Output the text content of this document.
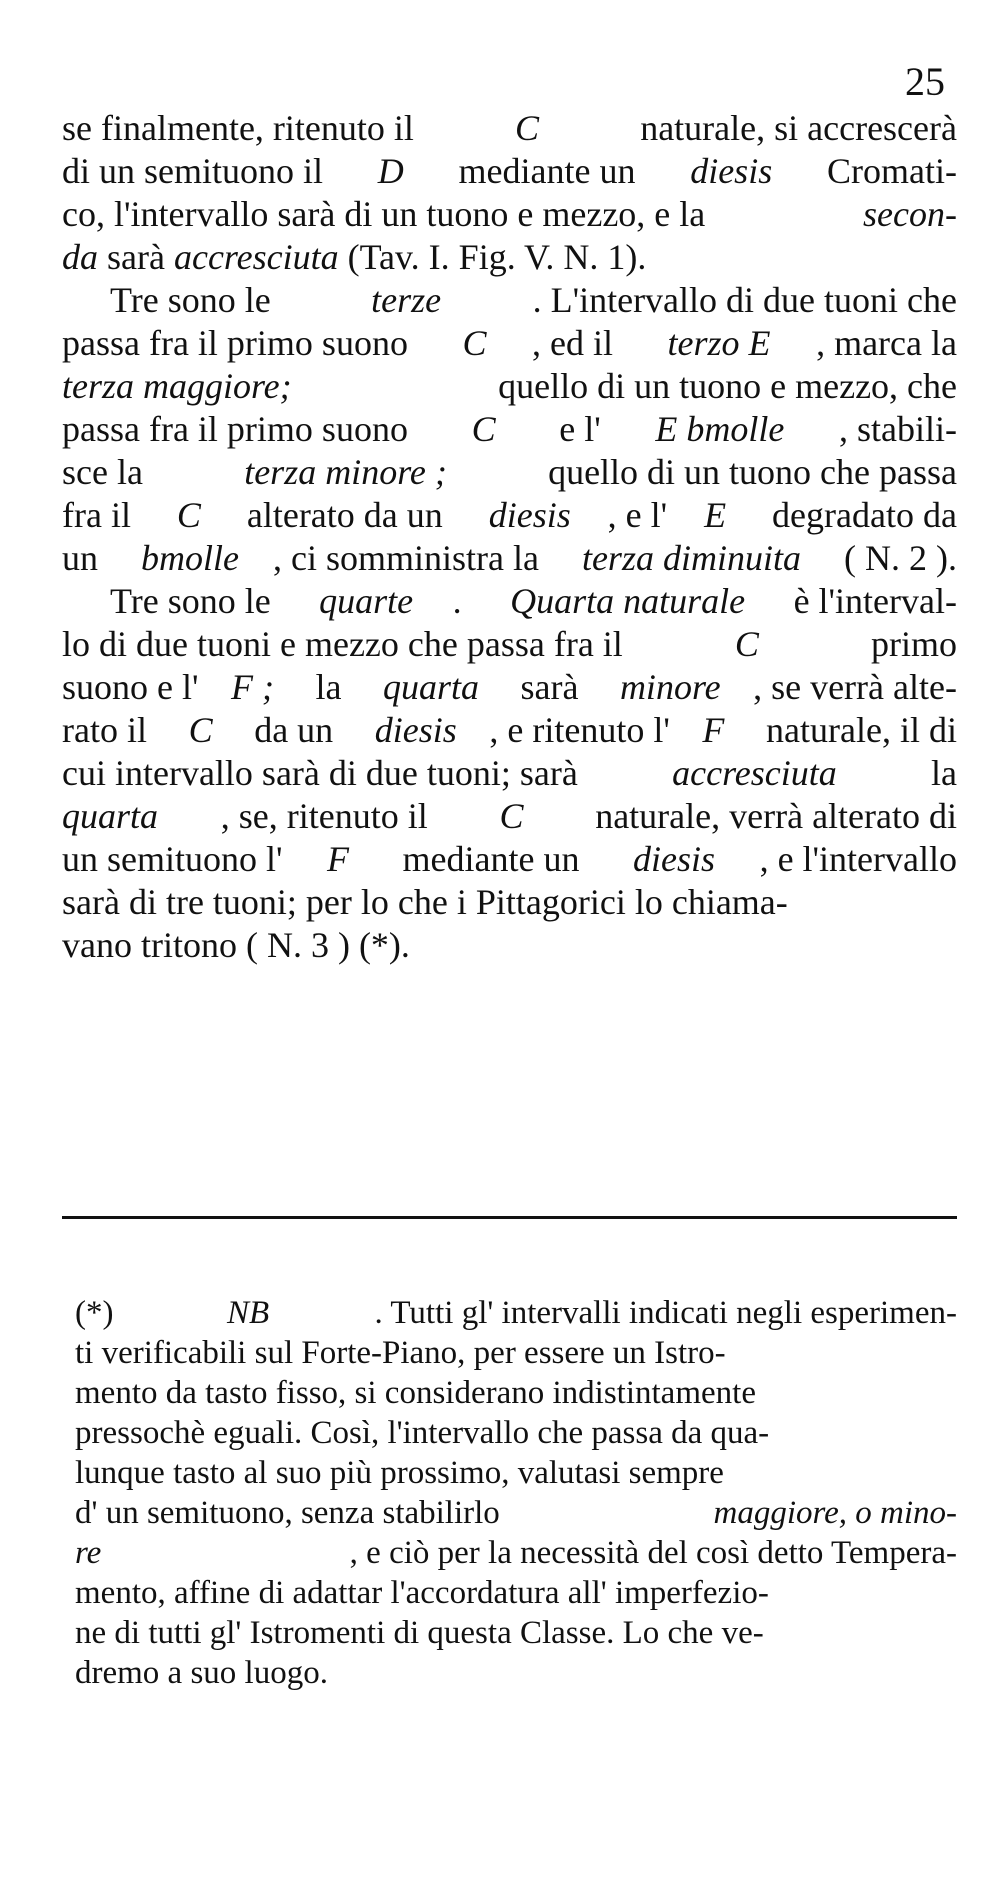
25
se finalmente, ritenuto il	C	naturale, si accrescerà
di un semituono il D mediante un diesis Cromati-
co, l'intervallo sarà di un tuono e mezzo, e la	secon-
da sarà accresciuta (Tav. I. Fig. V. N. 1).
Tre sono le	terze	. L'intervallo di due tuoni che
passa fra il primo suono C , ed il terzo E , marca la
terza maggiore;	quello di un tuono e mezzo, che
passa fra il primo suono C e l' E bmolle , stabili-
sce la	terza minore ;	quello di un tuono che passa
fra il C alterato da un diesis , e l' E degradato da
un bmolle , ci somministra la terza diminuita ( N. 2 ).
Tre sono le quarte . Quarta naturale è l'interval-
lo di due tuoni e mezzo che passa fra il	C	primo
suono e l' F ; la quarta sarà minore , se verrà alte-
rato il C da un diesis , e ritenuto l' F naturale, il di
cui intervallo sarà di due tuoni; sarà accresciuta la
quarta , se, ritenuto il C naturale, verrà alterato di
un semituono l' F mediante un diesis , e l'intervallo
sarà di tre tuoni; per lo che i Pittagorici lo chiama-
vano tritono ( N. 3 ) (*).
(*)	NB	. Tutti gl' intervalli indicati negli esperimen-
ti verificabili sul Forte-Piano, per essere un Istro-
mento da tasto fisso, si considerano indistintamente
pressochè eguali. Così, l'intervallo che passa da qua-
lunque tasto al suo più prossimo, valutasi sempre
d' un semituono, senza stabilirlo	maggiore, o mino-
re	, e ciò per la necessità del così detto Tempera-
mento, affine di adattar l'accordatura all' imperfezio-
ne di tutti gl' Istromenti di questa Classe. Lo che ve-
dremo a suo luogo.
